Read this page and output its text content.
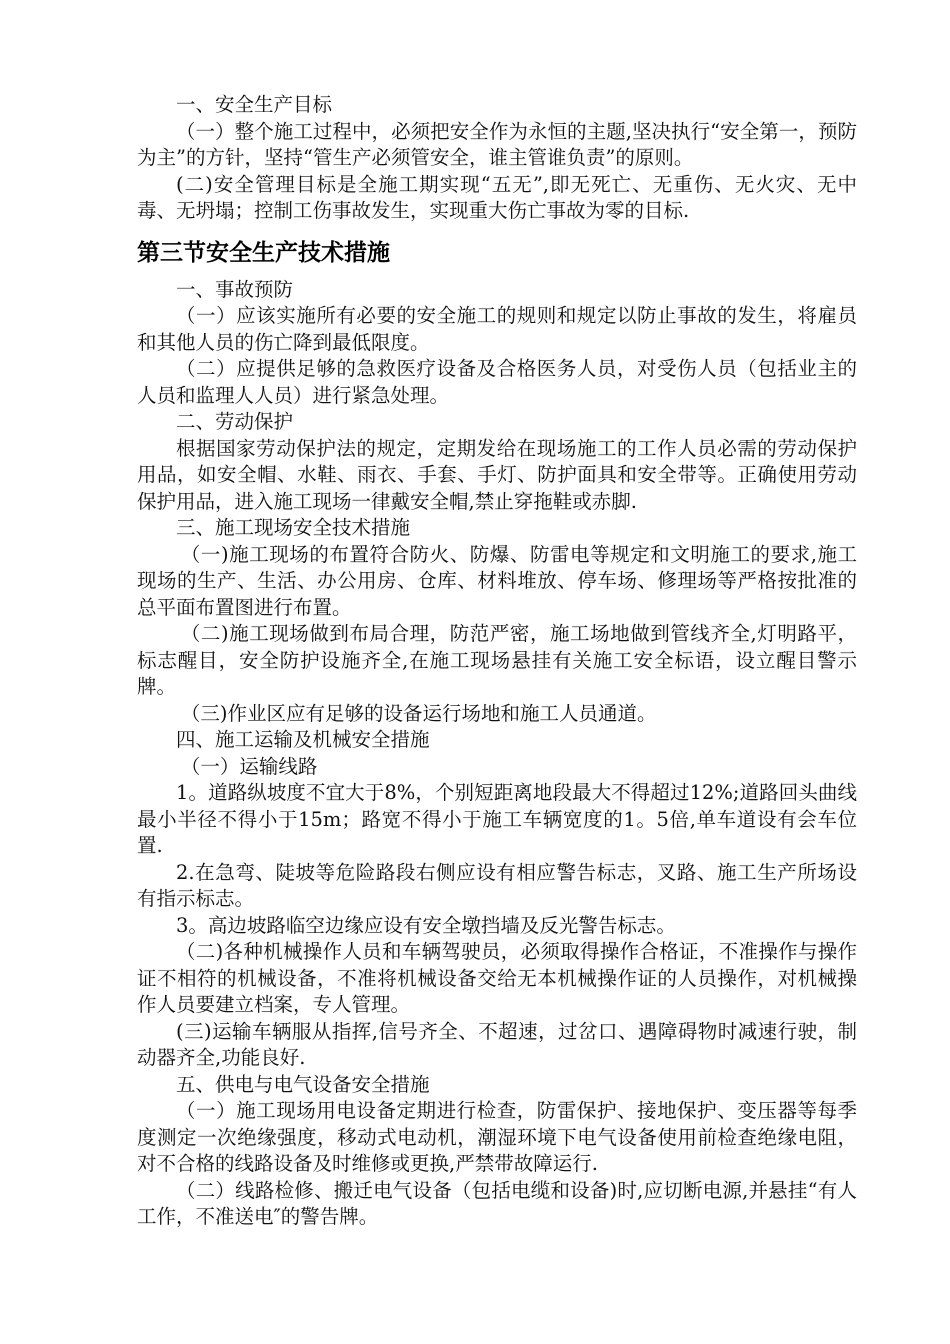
一、安全生产目标

（一）整个施工过程中，必须把安全作为永恒的主题,坚决执行“安全第一，预防为主”的方针，坚持“管生产必须管安全，谁主管谁负责”的原则。

(二)安全管理目标是全施工期实现“五无”,即无死亡、无重伤、无火灾、无中毒、无坍塌；控制工伤事故发生，实现重大伤亡事故为零的目标.

第三节安全生产技术措施

一、事故预防

（一）应该实施所有必要的安全施工的规则和规定以防止事故的发生，将雇员和其他人员的伤亡降到最低限度。

（二）应提供足够的急救医疗设备及合格医务人员，对受伤人员（包括业主的人员和监理人人员）进行紧急处理。

二、劳动保护

根据国家劳动保护法的规定，定期发给在现场施工的工作人员必需的劳动保护用品，如安全帽、水鞋、雨衣、手套、手灯、防护面具和安全带等。正确使用劳动保护用品，进入施工现场一律戴安全帽,禁止穿拖鞋或赤脚.

三、施工现场安全技术措施

（一)施工现场的布置符合防火、防爆、防雷电等规定和文明施工的要求,施工现场的生产、生活、办公用房、仓库、材料堆放、停车场、修理场等严格按批准的总平面布置图进行布置。

（二)施工现场做到布局合理，防范严密，施工场地做到管线齐全,灯明路平，标志醒目，安全防护设施齐全,在施工现场悬挂有关施工安全标语，设立醒目警示牌。

（三)作业区应有足够的设备运行场地和施工人员通道。

四、施工运输及机械安全措施

（一）运输线路

1。道路纵坡度不宜大于8%，个别短距离地段最大不得超过12%;道路回头曲线最小半径不得小于15m；路宽不得小于施工车辆宽度的1。5倍,单车道设有会车位置.

2.在急弯、陡坡等危险路段右侧应设有相应警告标志，叉路、施工生产所场设有指示标志。

3。高边坡路临空边缘应设有安全墩挡墙及反光警告标志。

（二)各种机械操作人员和车辆驾驶员，必须取得操作合格证，不准操作与操作证不相符的机械设备，不准将机械设备交给无本机械操作证的人员操作，对机械操作人员要建立档案，专人管理。

(三)运输车辆服从指挥,信号齐全、不超速，过岔口、遇障碍物时减速行驶，制动器齐全,功能良好.

五、供电与电气设备安全措施

（一）施工现场用电设备定期进行检查，防雷保护、接地保护、变压器等每季度测定一次绝缘强度，移动式电动机，潮湿环境下电气设备使用前检查绝缘电阻，对不合格的线路设备及时维修或更换,严禁带故障运行.

（二）线路检修、搬迁电气设备（包括电缆和设备)时,应切断电源,并悬挂“有人工作，不准送电″的警告牌。
